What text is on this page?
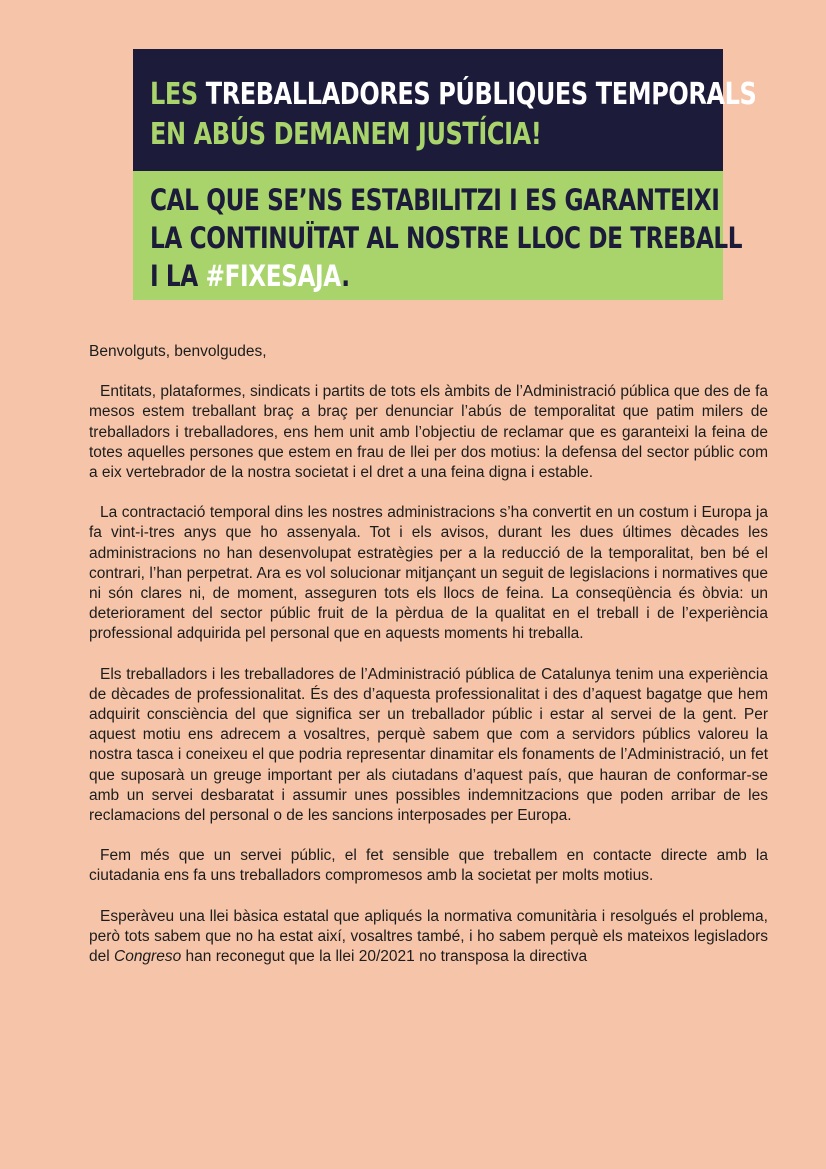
LES TREBALLADORES PÚBLIQUES TEMPORALS
EN ABÚS DEMANEM JUSTÍCIA!
CAL QUE SE’NS ESTABILITZI I ES GARANTEIXI
LA CONTINUÏTAT AL NOSTRE LLOC DE TREBALL
I LA #FIXESAJA.

Benvolguts, benvolgudes,

Entitats, plataformes, sindicats i partits de tots els àmbits de l’Administració pública que des de fa mesos estem treballant braç a braç per denunciar l’abús de temporalitat que patim milers de treballadors i treballadores, ens hem unit amb l’objectiu de reclamar que es garanteixi la feina de totes aquelles persones que estem en frau de llei per dos motius: la defensa del sector públic com a eix vertebrador de la nostra societat i el dret a una feina digna i estable.

La contractació temporal dins les nostres administracions s’ha convertit en un costum i Europa ja fa vint-i-tres anys que ho assenyala. Tot i els avisos, durant les dues últimes dècades les administracions no han desenvolupat estratègies per a la reducció de la temporalitat, ben bé el contrari, l’han perpetrat. Ara es vol solucionar mitjançant un seguit de legislacions i normatives que ni són clares ni, de moment, asseguren tots els llocs de feina. La conseqüència és òbvia: un deteriorament del sector públic fruit de la pèrdua de la qualitat en el treball i de l’experiència professional adquirida pel personal que en aquests moments hi treballa.

Els treballadors i les treballadores de l’Administració pública de Catalunya tenim una experiència de dècades de professionalitat. És des d’aquesta professionalitat i des d’aquest bagatge que hem adquirit consciència del que significa ser un treballador públic i estar al servei de la gent. Per aquest motiu ens adrecem a vosaltres, perquè sabem que com a servidors públics valoreu la nostra tasca i coneixeu el que podria representar dinamitar els fonaments de l’Administració, un fet que suposarà un greuge important per als ciutadans d’aquest país, que hauran de conformar-se amb un servei desbaratat i assumir unes possibles indemnitzacions que poden arribar de les reclamacions del personal o de les sancions interposades per Europa.

Fem més que un servei públic, el fet sensible que treballem en contacte directe amb la ciutadania ens fa uns treballadors compromesos amb la societat per molts motius.

Esperàveu una llei bàsica estatal que apliqués la normativa comunitària i resolgués el problema, però tots sabem que no ha estat així, vosaltres també, i ho sabem perquè els mateixos legisladors del Congreso han reconegut que la llei 20/2021 no transposa la directiva
